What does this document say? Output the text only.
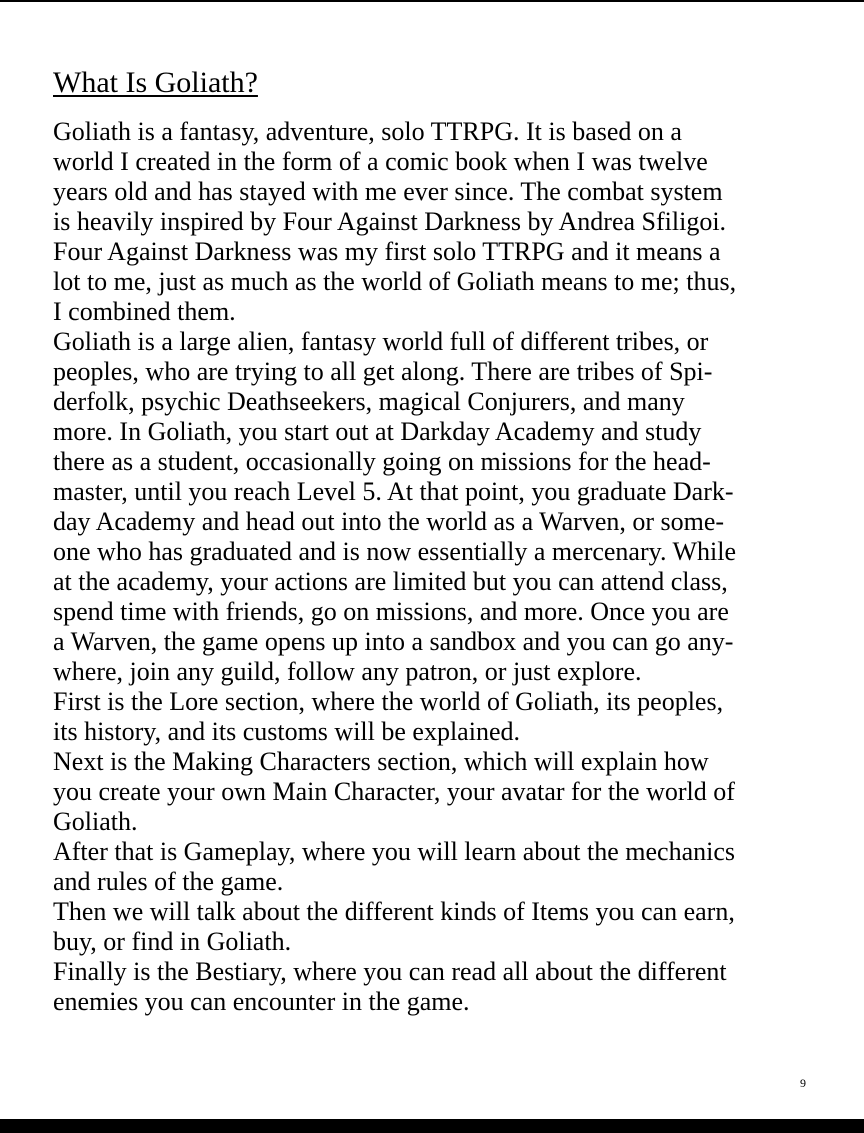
What Is Goliath?
Goliath is a fantasy, adventure, solo TTRPG. It is based on a
world I created in the form of a comic book when I was twelve
years old and has stayed with me ever since. The combat system
is heavily inspired by Four Against Darkness by Andrea Sfiligoi.
Four Against Darkness was my first solo TTRPG and it means a
lot to me, just as much as the world of Goliath means to me; thus,
I combined them.
Goliath is a large alien, fantasy world full of different tribes, or
peoples, who are trying to all get along. There are tribes of Spi-
derfolk, psychic Deathseekers, magical Conjurers, and many
more. In Goliath, you start out at Darkday Academy and study
there as a student, occasionally going on missions for the head-
master, until you reach Level 5. At that point, you graduate Dark-
day Academy and head out into the world as a Warven, or some-
one who has graduated and is now essentially a mercenary. While
at the academy, your actions are limited but you can attend class,
spend time with friends, go on missions, and more. Once you are
a Warven, the game opens up into a sandbox and you can go any-
where, join any guild, follow any patron, or just explore.
First is the Lore section, where the world of Goliath, its peoples,
its history, and its customs will be explained.
Next is the Making Characters section, which will explain how
you create your own Main Character, your avatar for the world of
Goliath.
After that is Gameplay, where you will learn about the mechanics
and rules of the game.
Then we will talk about the different kinds of Items you can earn,
buy, or find in Goliath.
Finally is the Bestiary, where you can read all about the different
enemies you can encounter in the game.
9
